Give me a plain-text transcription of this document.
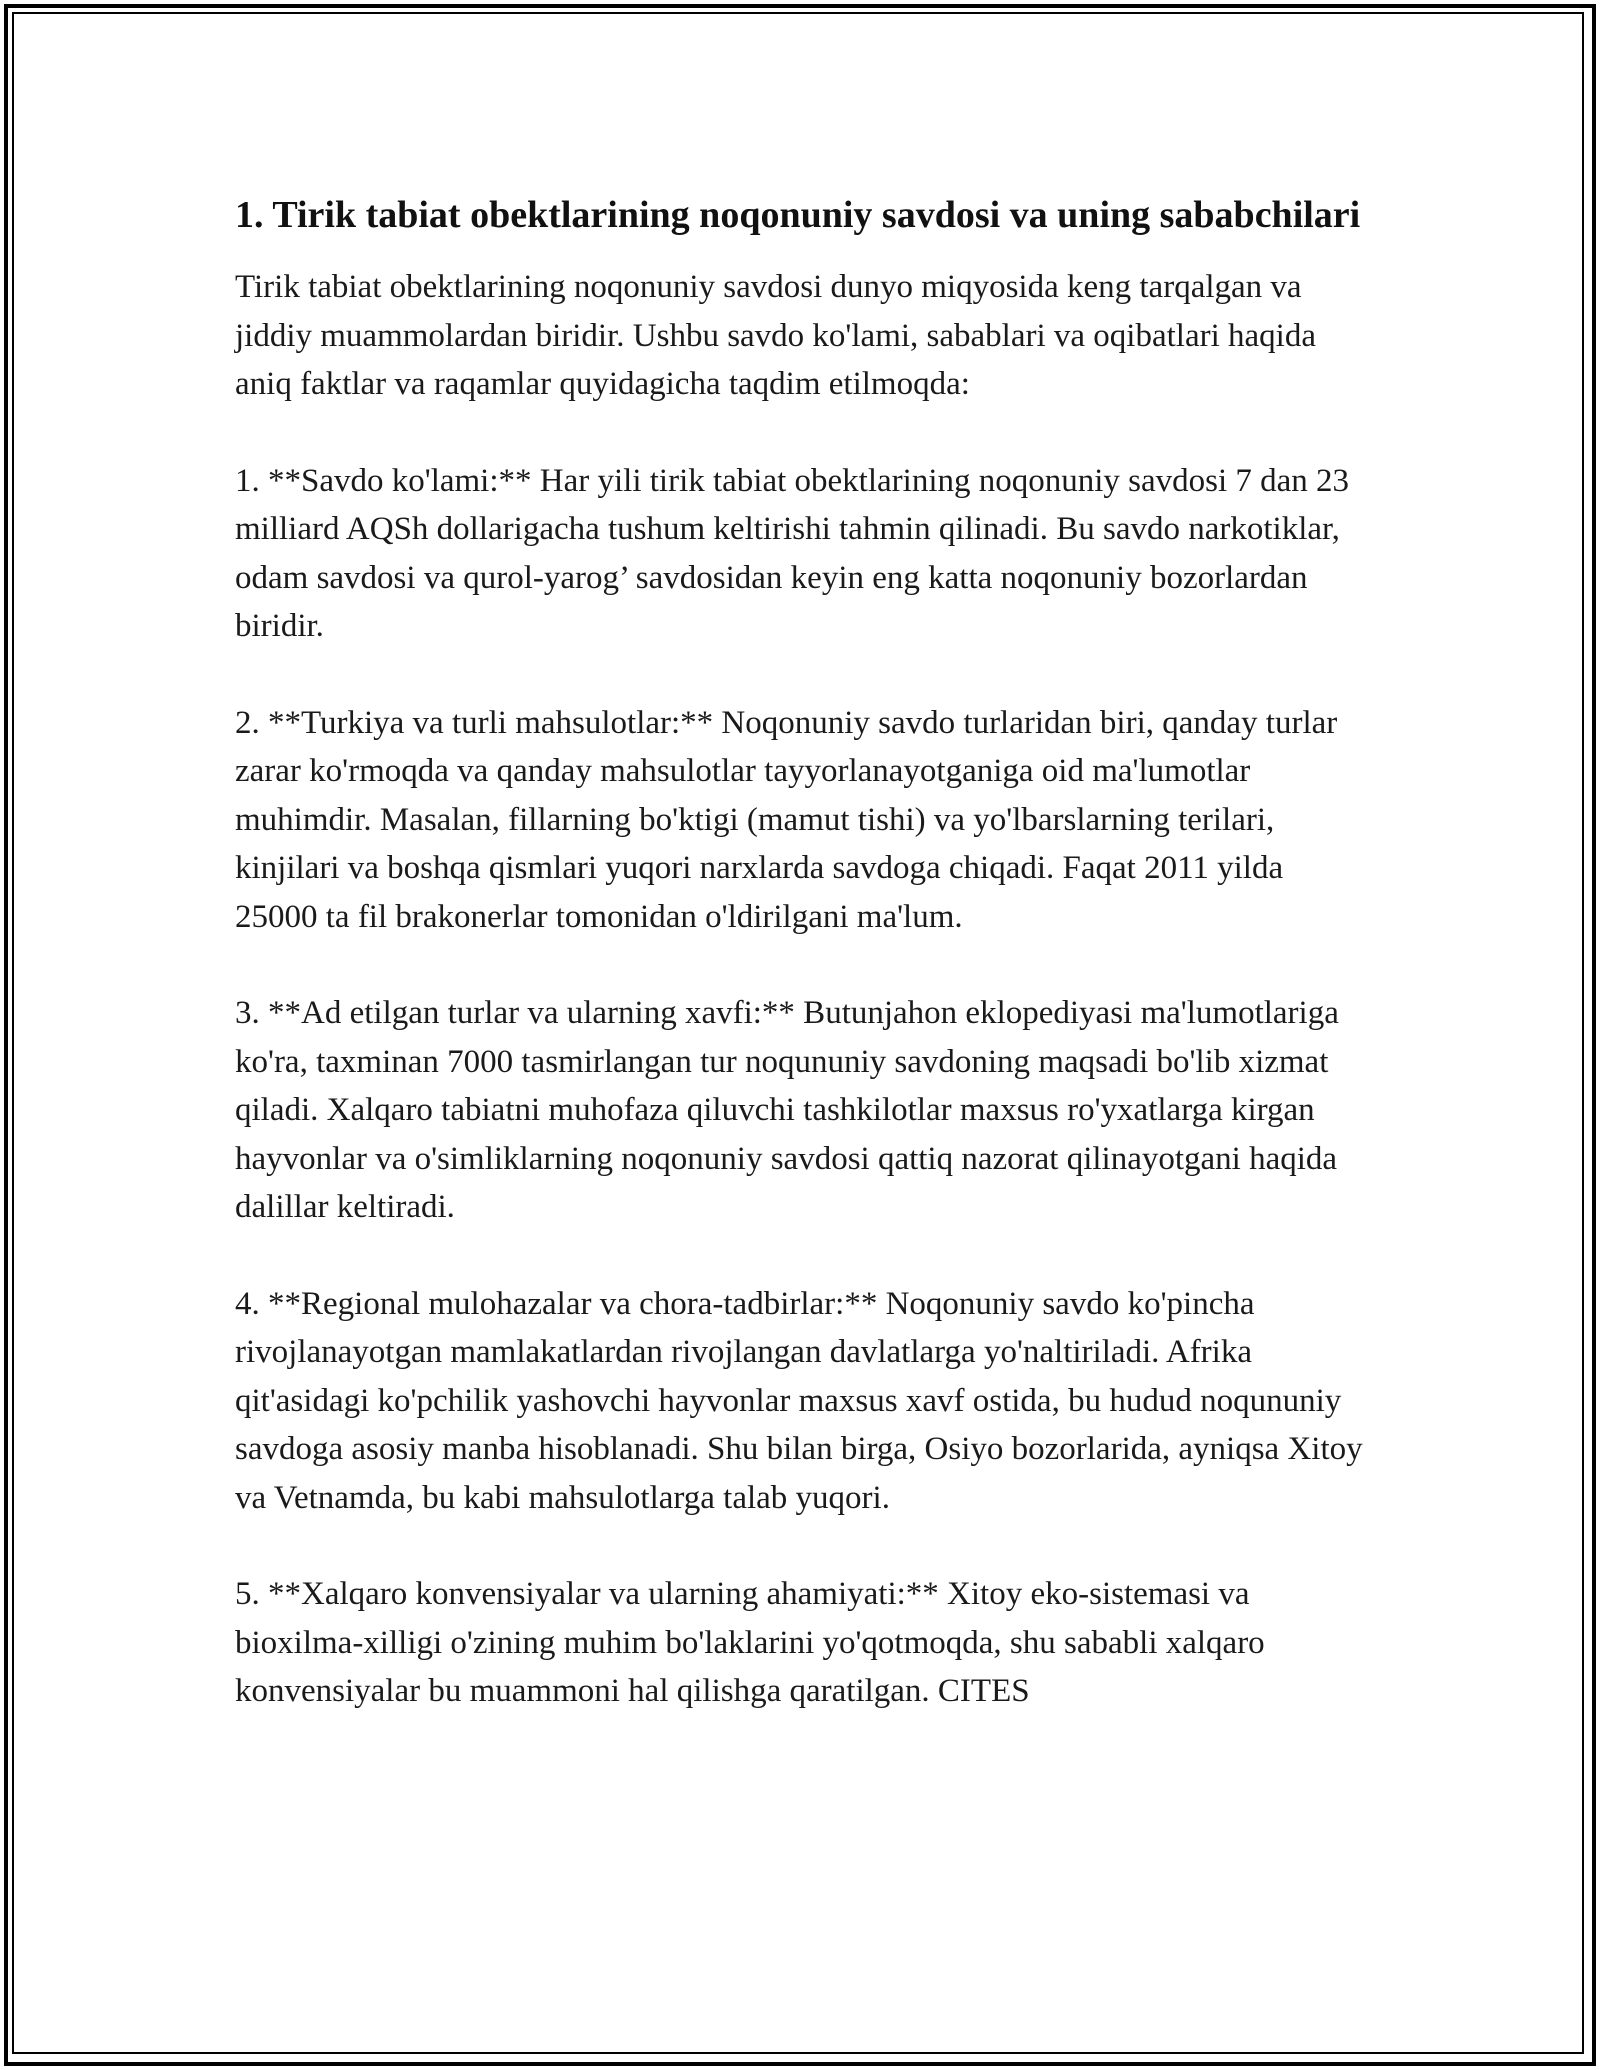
1. Tirik tabiat obektlarining noqonuniy savdosi va uning sababchilari

Tirik tabiat obektlarining noqonuniy savdosi dunyo miqyosida keng tarqalgan va jiddiy muammolardan biridir. Ushbu savdo ko'lami, sabablari va oqibatlari haqida aniq faktlar va raqamlar quyidagicha taqdim etilmoqda:

1. **Savdo ko'lami:** Har yili tirik tabiat obektlarining noqonuniy savdosi 7 dan 23 milliard AQSh dollarigacha tushum keltirishi tahmin qilinadi. Bu savdo narkotiklar, odam savdosi va qurol-yarog’ savdosidan keyin eng katta noqonuniy bozorlardan biridir.

2. **Turkiya va turli mahsulotlar:** Noqonuniy savdo turlaridan biri, qanday turlar zarar ko'rmoqda va qanday mahsulotlar tayyorlanayotganiga oid ma'lumotlar muhimdir. Masalan, fillarning bo'ktigi (mamut tishi) va yo'lbarslarning terilari, kinjilari va boshqa qismlari yuqori narxlarda savdoga chiqadi. Faqat 2011 yilda 25000 ta fil brakonerlar tomonidan o'ldirilgani ma'lum.

3. **Ad etilgan turlar va ularning xavfi:** Butunjahon eklopediyasi ma'lumotlariga ko'ra, taxminan 7000 tasmirlangan tur noqununiy savdoning maqsadi bo'lib xizmat qiladi. Xalqaro tabiatni muhofaza qiluvchi tashkilotlar maxsus ro'yxatlarga kirgan hayvonlar va o'simliklarning noqonuniy savdosi qattiq nazorat qilinayotgani haqida dalillar keltiradi.

4. **Regional mulohazalar va chora-tadbirlar:** Noqonuniy savdo ko'pincha rivojlanayotgan mamlakatlardan rivojlangan davlatlarga yo'naltiriladi. Afrika qit'asidagi ko'pchilik yashovchi hayvonlar maxsus xavf ostida, bu hudud noqununiy savdoga asosiy manba hisoblanadi. Shu bilan birga, Osiyo bozorlarida, ayniqsa Xitoy va Vetnamda, bu kabi mahsulotlarga talab yuqori.

5. **Xalqaro konvensiyalar va ularning ahamiyati:** Xitoy eko-sistemasi va bioxilma-xilligi o'zining muhim bo'laklarini yo'qotmoqda, shu sababli xalqaro konvensiyalar bu muammoni hal qilishga qaratilgan. CITES
